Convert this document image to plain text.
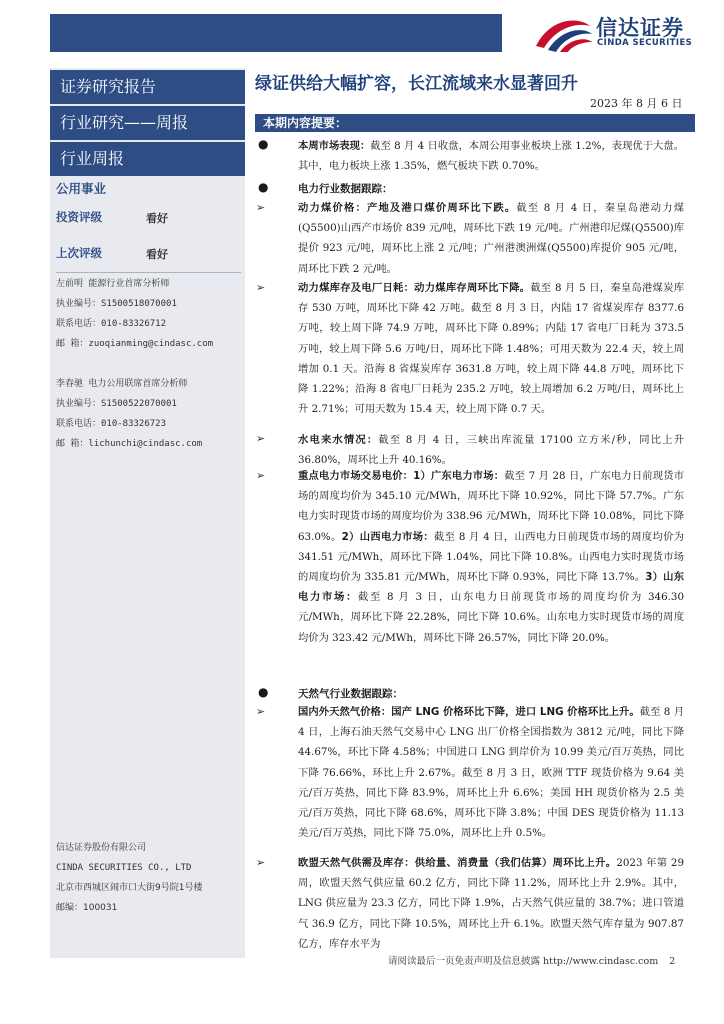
信达证券
CINDA SECURITIES
证券研究报告
行业研究——周报
行业周报
公用事业
投资评级	看好
上次评级	看好
左前明 能源行业首席分析师
执业编号：S1500518070001
联系电话：010-83326712
邮 箱：zuoqianming@cindasc.com
李春驰 电力公用联席首席分析师
执业编号：S1500522070001
联系电话：010-83326723
邮 箱：lichunchi@cindasc.com
信达证券股份有限公司
CINDA SECURITIES CO., LTD
北京市西城区闹市口大街9号院1号楼
邮编：100031
绿证供给大幅扩容，长江流域来水显著回升
2023 年 8 月 6 日
本期内容提要：
●	本周市场表现：截至 8 月 4 日收盘，本周公用事业板块上涨 1.2%，表现优于大盘。其中，电力板块上涨 1.35%，燃气板块下跌 0.70%。
●	电力行业数据跟踪：
➢	动力煤价格：产地及港口煤价周环比下跌。截至 8 月 4 日，秦皇岛港动力煤(Q5500)山西产市场价 839 元/吨，周环比下跌 19 元/吨。广州港印尼煤(Q5500)库提价 923 元/吨，周环比上涨 2 元/吨；广州港澳洲煤(Q5500)库提价 905 元/吨，周环比下跌 2 元/吨。
➢	动力煤库存及电厂日耗：动力煤库存周环比下降。截至 8 月 5 日，秦皇岛港煤炭库存 530 万吨，周环比下降 42 万吨。截至 8 月 3 日，内陆 17 省煤炭库存 8377.6 万吨，较上周下降 74.9 万吨，周环比下降 0.89%；内陆 17 省电厂日耗为 373.5 万吨，较上周下降 5.6 万吨/日，周环比下降 1.48%；可用天数为 22.4 天，较上周增加 0.1 天。沿海 8 省煤炭库存 3631.8 万吨，较上周下降 44.8 万吨，周环比下降 1.22%；沿海 8 省电厂日耗为 235.2 万吨，较上周增加 6.2 万吨/日，周环比上升 2.71%；可用天数为 15.4 天，较上周下降 0.7 天。
➢	水电来水情况：截至 8 月 4 日，三峡出库流量 17100 立方米/秒，同比上升 36.80%，周环比上升 40.16%。
➢	重点电力市场交易电价：1）广东电力市场：截至 7 月 28 日，广东电力日前现货市场的周度均价为 345.10 元/MWh，周环比下降 10.92%，同比下降 57.7%。广东电力实时现货市场的周度均价为 338.96 元/MWh，周环比下降 10.08%，同比下降 63.0%。2）山西电力市场：截至 8 月 4 日，山西电力日前现货市场的周度均价为 341.51 元/MWh，周环比下降 1.04%，同比下降 10.8%。山西电力实时现货市场的周度均价为 335.81 元/MWh，周环比下降 0.93%，同比下降 13.7%。3）山东电力市场：截至 8 月 3 日，山东电力日前现货市场的周度均价为 346.30 元/MWh，周环比下降 22.28%，同比下降 10.6%。山东电力实时现货市场的周度均价为 323.42 元/MWh，周环比下降 26.57%，同比下降 20.0%。
●	天然气行业数据跟踪：
➢	国内外天然气价格：国产 LNG 价格环比下降，进口 LNG 价格环比上升。截至 8 月 4 日，上海石油天然气交易中心 LNG 出厂价格全国指数为 3812 元/吨，同比下降 44.67%，环比下降 4.58%；中国进口 LNG 到岸价为 10.99 美元/百万英热，同比下降 76.66%，环比上升 2.67%。截至 8 月 3 日，欧洲 TTF 现货价格为 9.64 美元/百万英热，同比下降 83.9%，周环比上升 6.6%；美国 HH 现货价格为 2.5 美元/百万英热，同比下降 68.6%，周环比下降 3.8%；中国 DES 现货价格为 11.13 美元/百万英热，同比下降 75.0%，周环比上升 0.5%。
➢	欧盟天然气供需及库存：供给量、消费量（我们估算）周环比上升。2023 年第 29 周，欧盟天然气供应量 60.2 亿方，同比下降 11.2%，周环比上升 2.9%。其中，LNG 供应量为 23.3 亿方，同比下降 1.9%，占天然气供应量的 38.7%；进口管道气 36.9 亿方，同比下降 10.5%，周环比上升 6.1%。欧盟天然气库存量为 907.87 亿方，库存水平为
请阅读最后一页免责声明及信息披露 http://www.cindasc.com 2
